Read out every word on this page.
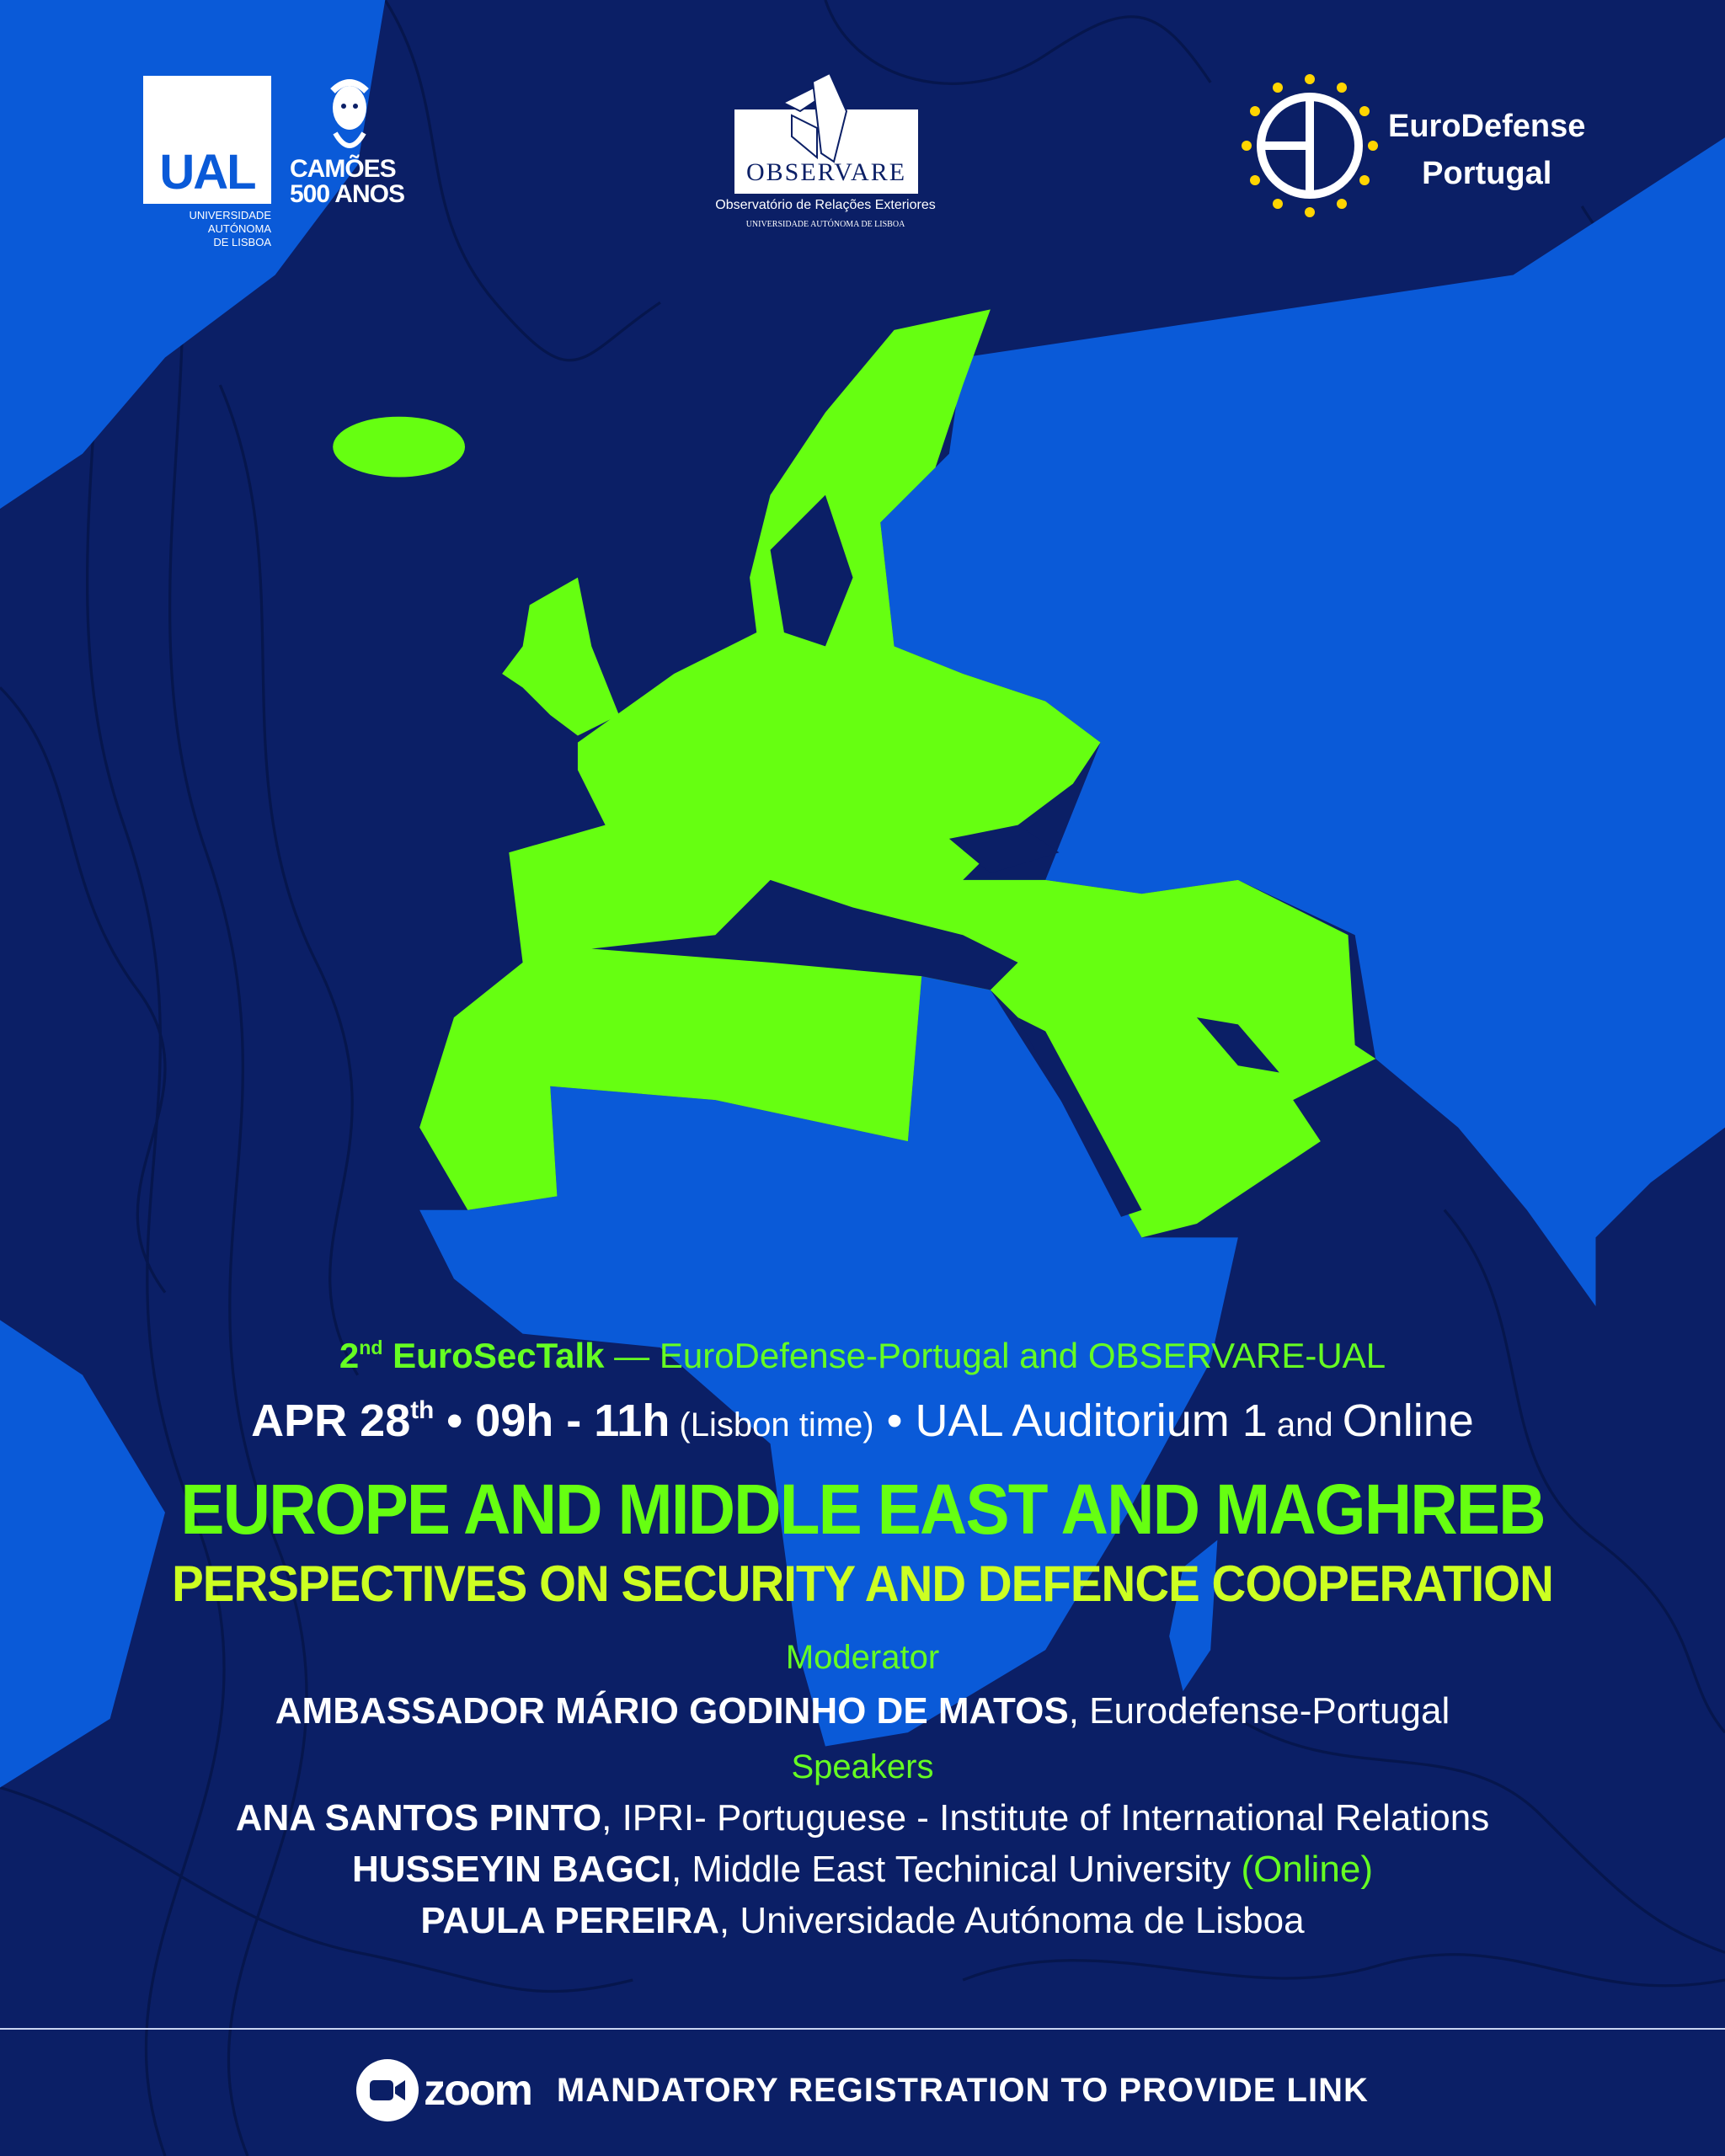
UAL
UNIVERSIDADE
AUTÓNOMA
DE LISBOA
CAMÕES
500 ANOS
OBSERVARE
Observatório de Relações Exteriores
UNIVERSIDADE AUTÓNOMA DE LISBOA
EuroDefense
Portugal
2nd EuroSecTalk — EuroDefense-Portugal and OBSERVARE-UAL
APR 28th • 09h - 11h (Lisbon time) • UAL Auditorium 1 and Online
EUROPE AND MIDDLE EAST AND MAGHREB
PERSPECTIVES ON SECURITY AND DEFENCE COOPERATION
Moderator
AMBASSADOR MÁRIO GODINHO DE MATOS, Eurodefense-Portugal
Speakers
ANA SANTOS PINTO, IPRI- Portuguese - Institute of International Relations
HUSSEYIN BAGCI, Middle East Techinical University (Online)
PAULA PEREIRA, Universidade Autónoma de Lisboa
zoom MANDATORY REGISTRATION TO PROVIDE LINK
